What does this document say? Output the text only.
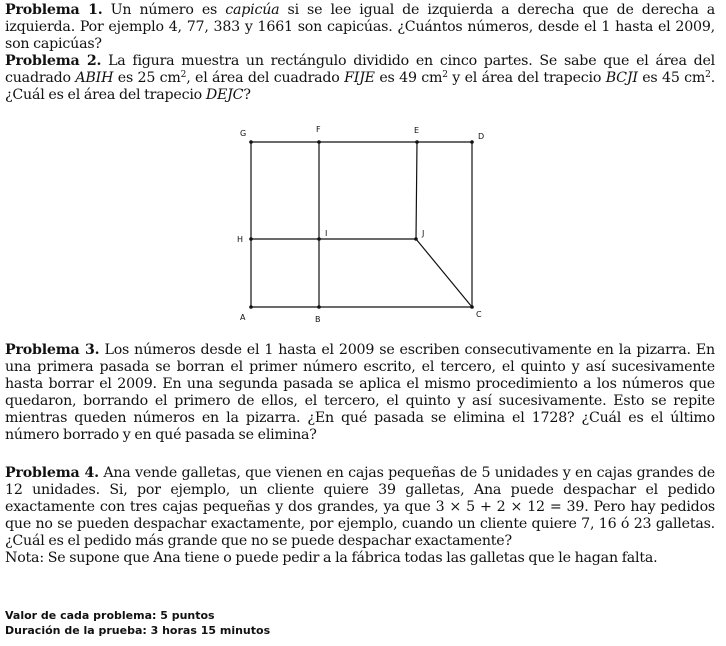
Problema 1. Un número es capicúa si se lee igual de izquierda a derecha que de derecha a izquierda. Por ejemplo 4, 77, 383 y 1661 son capicúas. ¿Cuántos números, desde el 1 hasta el 2009, son capicúas?
Problema 2. La figura muestra un rectángulo dividido en cinco partes. Se sabe que el área del cuadrado ABIH es 25 $cm^2$, el área del cuadrado FIJE es 49 $cm^2$ y el área del trapecio BCJI es 45 $cm^2$. ¿Cuál es el área del trapecio DEJC?
G	F	E
D
H
I	J
A	B
C
Problema 3. Los números desde el 1 hasta el 2009 se escriben consecutivamente en la pizarra. En una primera pasada se borran el primer número escrito, el tercero, el quinto y así sucesivamente hasta borrar el 2009. En una segunda pasada se aplica el mismo procedimiento a los números que quedaron, borrando el primero de ellos, el tercero, el quinto y así sucesivamente. Esto se repite mientras queden números en la pizarra. ¿En qué pasada se elimina el 1728? ¿Cuál es el último número borrado y en qué pasada se elimina?
Problema 4. Ana vende galletas, que vienen en cajas pequeñas de 5 unidades y en cajas grandes de 12 unidades. Si, por ejemplo, un cliente quiere 39 galletas, Ana puede despachar el pedido exactamente con tres cajas pequeñas y dos grandes, ya que 3 × 5 + 2 × 12 = 39. Pero hay pedidos que no se pueden despachar exactamente, por ejemplo, cuando un cliente quiere 7, 16 ó 23 galletas. ¿Cuál es el pedido más grande que no se puede despachar exactamente?
Nota: Se supone que Ana tiene o puede pedir a la fábrica todas las galletas que le hagan falta.
Valor de cada problema: 5 puntos
Duración de la prueba: 3 horas 15 minutos
